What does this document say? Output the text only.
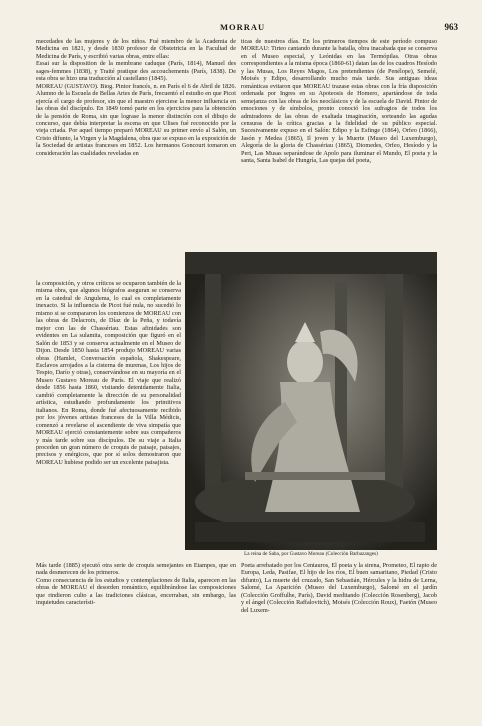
MORRAU	963

mecedades de las mujeres y de los niños. Fué miembro de la Academia de Medicina en 1821, y desde 1830 profesor de Obstetricia en la Facultad de Medicina de París, y escribió varias obras, entre ellas:

Essai sur la disposition de la membrane caduque (París, 1814), Manuel des sages-femmes (1838), y Traité pratique des accouchements (París, 1838). De esta obra se hizo una traducción al castellano (1845).

MOREAU (GUSTAVO). Biog. Pintor francés, n. en París el 6 de Abril de 1826. Alumno de la Escuela de Bellas Artes de París, frecuentó el estudio en que Picot ejercía el cargo de profesor, sin que el maestro ejerciese la menor influencia en las obras del discípulo. En 1849 tomó parte en los ejercicios para la obtención de la pensión de Roma, sin que lograse la menor distinción con el dibujo de concurso, que debía interpretar la escena en que Ulises fué reconocido por la vieja criada. Por aquel tiempo preparó MOREAU su primer envío al Salón, un Cristo difunto, la Virgen y la Magdalena, obra que se expuso en la exposición de la Sociedad de artistas franceses en 1852. Los hermanos Goncourt tomaron en consideración las cualidades reveladas en

ticas de nuestros días. En los primeros tiempos de este período compuso MOREAU: Tirteo cantando durante la batalla, obra inacabada que se conserva en el Museo especial, y Leónidas en las Termópilas. Otras obras correspondientes a la misma época (1860-61) datan las de los cuadros Hesíodo y las Musas, Los Reyes Magos, Los pretendientes (de Penélope), Semelé, Moisés y Edipo, desarrollando mucho más tarde. Sus antiguas ideas románticas evitaron que MOREAU trazase estas obras con la fría disposición ordenada por Ingres en su Apoteosis de Homero, apartándose de toda semejanza con las obras de los neoclásicos y de la escuela de David. Pintor de emociones y de símbolos, pronto conoció los sufragios de todos los admiradores de las obras de exaltada imaginación, sorteando las agudas censuras de la crítica gracias a la fidelidad de su público especial. Sucesivamente expuso en el Salón: Edipo y la Esfinge (1864), Orfeo (1866), Jasón y Medea (1865), Il joven y la Muerte (Museo del Luxemburgo), Alegoría de la gloria de Chassériau (1865), Diomedes, Orfeo, Hesíodo y la Peri, Las Musas separándose de Apolo para iluminar el Mundo, El poeta y la santa, Santa Isabel de Hungría, Las quejas del poeta,

la composición, y otros críticos se ocuparon también de la misma obra, que algunos biógrafos aseguran se conserva en la catedral de Angulema, lo cual es completamente inexacto. Si la influencia de Picot fué nula, no sucedió lo mismo si se compararon los comienzos de MOREAU con las obras de Delacroix, de Díaz de la Peña, y todavía mejor con las de Chassériau. Estas afinidades son evidentes en La sulamita, composición que figuró en el Salón de 1853 y se conserva actualmente en el Museo de Dijon. Desde 1850 hasta 1854 produjo MOREAU varias obras (Hamlet, Conversación española, Shakespeare, Esclavos arrojados a la cisterna de murenas, Los hijos de Tespio, Darío y otras), conservándose en su mayoría en el Museo Gustavo Moreau de París. El viaje que realizó desde 1856 hasta 1860, visitando detenidamente Italia, cambió completamente la dirección de su personalidad artística, estudiando profundamente los primitivos italianos. En Roma, donde fué afectuosamente recibido por los jóvenes artistas franceses de la Villa Médicis, comenzó a revelarse el ascendiente de viva simpatía que MOREAU ejerció constantemente sobre sus compañeros y más tarde sobre sus discípulos. De su viaje a Italia proceden un gran número de croquis de paisaje, paisajes, precisos y enérgicos, que por sí solos demostraron que MOREAU hubiese podido ser un excelente paisajista.

La reina de Saba, por Gustavo Moreau (Colección Barbazanges)

Más tarde (1885) ejecutó otra serie de croquis semejantes en Etampes, que en nada desmerecen de los primeros.

Como consecuencia de los estudios y contemplaciones de Italia, aparecen en las obras de MOREAU el desorden romántico, equilibrándose las composiciones que rindieron culto a las tradiciones clásicas, encerraban, sin embargo, las inquietudes característi-

Poeta arrebatado por los Centauros, El poeta y la sirena, Prometeo, El rapto de Europa, Leda, Pasifae, El hijo de los ríos, El buen samaritano, Piedad (Cristo difunto), La muerte del cruzado, San Sebastián, Hércules y la hidra de Lerna, Salomé, La Aparición (Museo del Luxemburgo), Salomé en el jardín (Colección Groffulhe, París), David meditando (Colección Rosenberg), Jacob y el ángel (Colección Raffalovitch), Moisés (Colección Roux), Faetón (Museo del Luxem-
